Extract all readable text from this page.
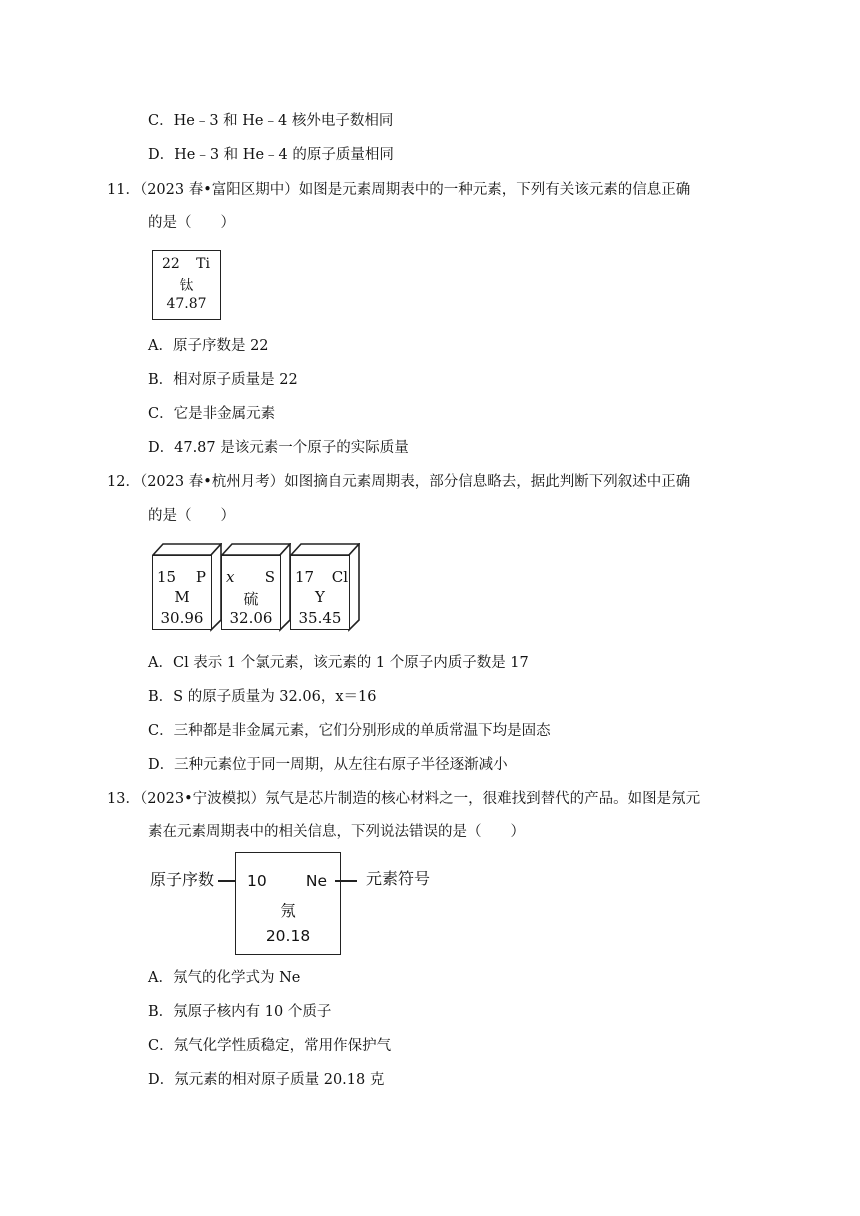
C．He﹣3 和 He﹣4 核外电子数相同
D．He﹣3 和 He﹣4 的原子质量相同
11．（2023 春•富阳区期中）如图是元素周期表中的一种元素，下列有关该元素的信息正确
的是（　　）
22 Ti
钛
47.87
A．原子序数是 22
B．相对原子质量是 22
C．它是非金属元素
D．47.87 是该元素一个原子的实际质量
12．（2023 春•杭州月考）如图摘自元素周期表，部分信息略去，据此判断下列叙述中正确
的是（　　）
15 P
M
30.96
x S
硫
32.06
17 Cl
Y
35.45
A．Cl 表示 1 个氯元素，该元素的 1 个原子内质子数是 17
B．S 的原子质量为 32.06，x＝16
C．三种都是非金属元素，它们分别形成的单质常温下均是固态
D．三种元素位于同一周期，从左往右原子半径逐渐减小
13．（2023•宁波模拟）氖气是芯片制造的核心材料之一，很难找到替代的产品。如图是氖元
素在元素周期表中的相关信息，下列说法错误的是（　　）
原子序数 10	Ne
氖
20.18
元素符号
A．氖气的化学式为 Ne
B．氖原子核内有 10 个质子
C．氖气化学性质稳定，常用作保护气
D．氖元素的相对原子质量 20.18 克
